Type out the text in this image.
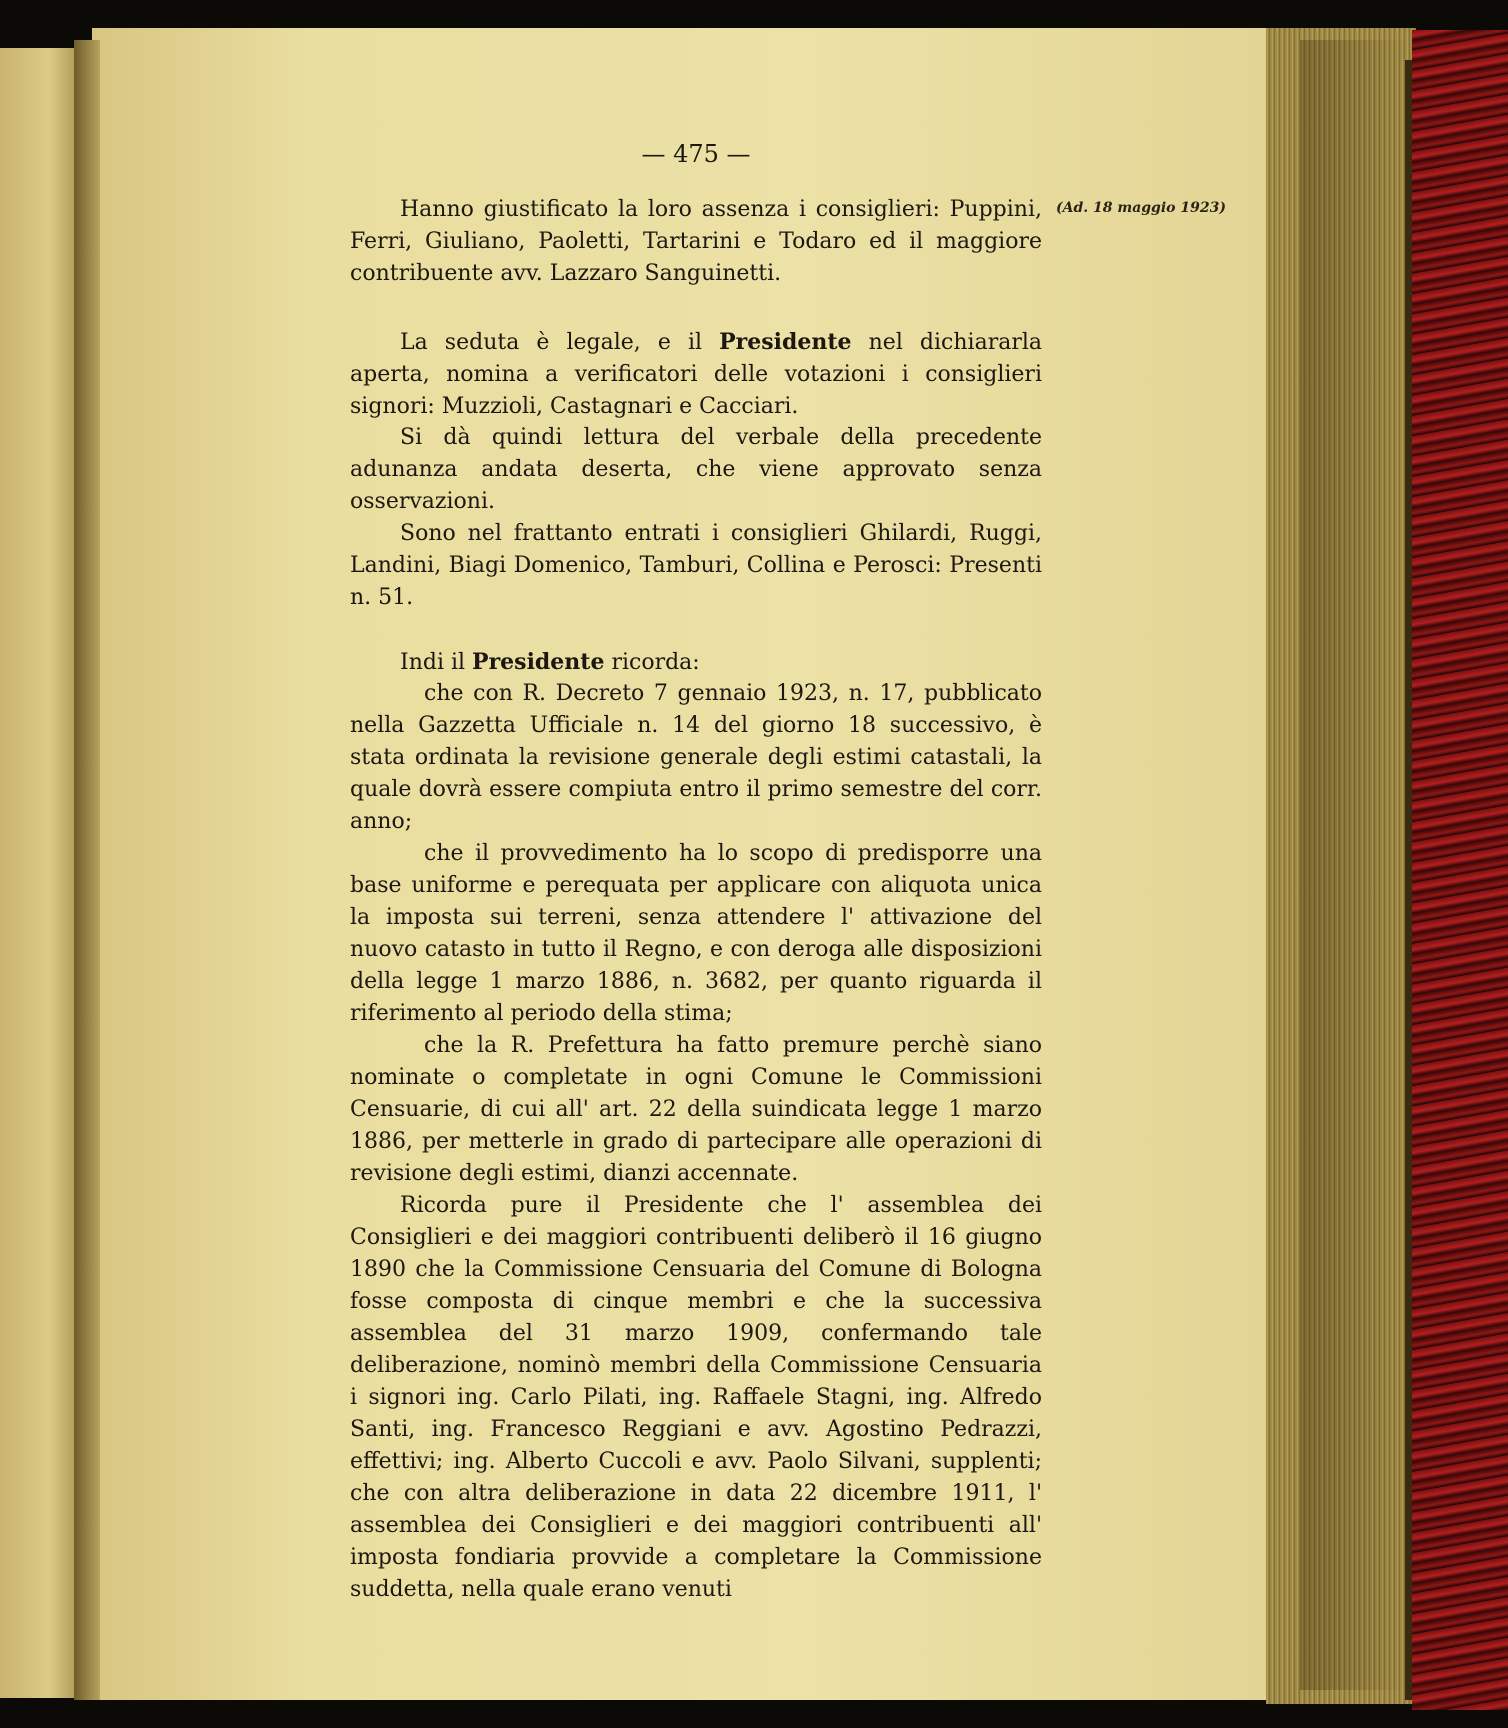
— 475 —

(Ad. 18 maggio 1923)

Hanno giustificato la loro assenza i consiglieri: Puppini, Ferri, Giuliano, Paoletti, Tartarini e Todaro ed il maggiore contribuente avv. Lazzaro Sanguinetti.

La seduta è legale, e il Presidente nel dichiararla aperta, nomina a verificatori delle votazioni i consiglieri signori: Muzzioli, Castagnari e Cacciari.

Si dà quindi lettura del verbale della precedente adunanza andata deserta, che viene approvato senza osservazioni.

Sono nel frattanto entrati i consiglieri Ghilardi, Ruggi, Landini, Biagi Domenico, Tamburi, Collina e Perosci: Presenti n. 51.

Indi il Presidente ricorda:

che con R. Decreto 7 gennaio 1923, n. 17, pubblicato nella Gazzetta Ufficiale n. 14 del giorno 18 successivo, è stata ordinata la revisione generale degli estimi catastali, la quale dovrà essere compiuta entro il primo semestre del corr. anno;

che il provvedimento ha lo scopo di predisporre una base uniforme e perequata per applicare con aliquota unica la imposta sui terreni, senza attendere l' attivazione del nuovo catasto in tutto il Regno, e con deroga alle disposizioni della legge 1 marzo 1886, n. 3682, per quanto riguarda il riferimento al periodo della stima;

che la R. Prefettura ha fatto premure perchè siano nominate o completate in ogni Comune le Commissioni Censuarie, di cui all' art. 22 della suindicata legge 1 marzo 1886, per metterle in grado di partecipare alle operazioni di revisione degli estimi, dianzi accennate.

Ricorda pure il Presidente che l' assemblea dei Consiglieri e dei maggiori contribuenti deliberò il 16 giugno 1890 che la Commissione Censuaria del Comune di Bologna fosse composta di cinque membri e che la successiva assemblea del 31 marzo 1909, confermando tale deliberazione, nominò membri della Commissione Censuaria i signori ing. Carlo Pilati, ing. Raffaele Stagni, ing. Alfredo Santi, ing. Francesco Reggiani e avv. Agostino Pedrazzi, effettivi; ing. Alberto Cuccoli e avv. Paolo Silvani, supplenti; che con altra deliberazione in data 22 dicembre 1911, l' assemblea dei Consiglieri e dei maggiori contribuenti all' imposta fondiaria provvide a completare la Commissione suddetta, nella quale erano venuti
